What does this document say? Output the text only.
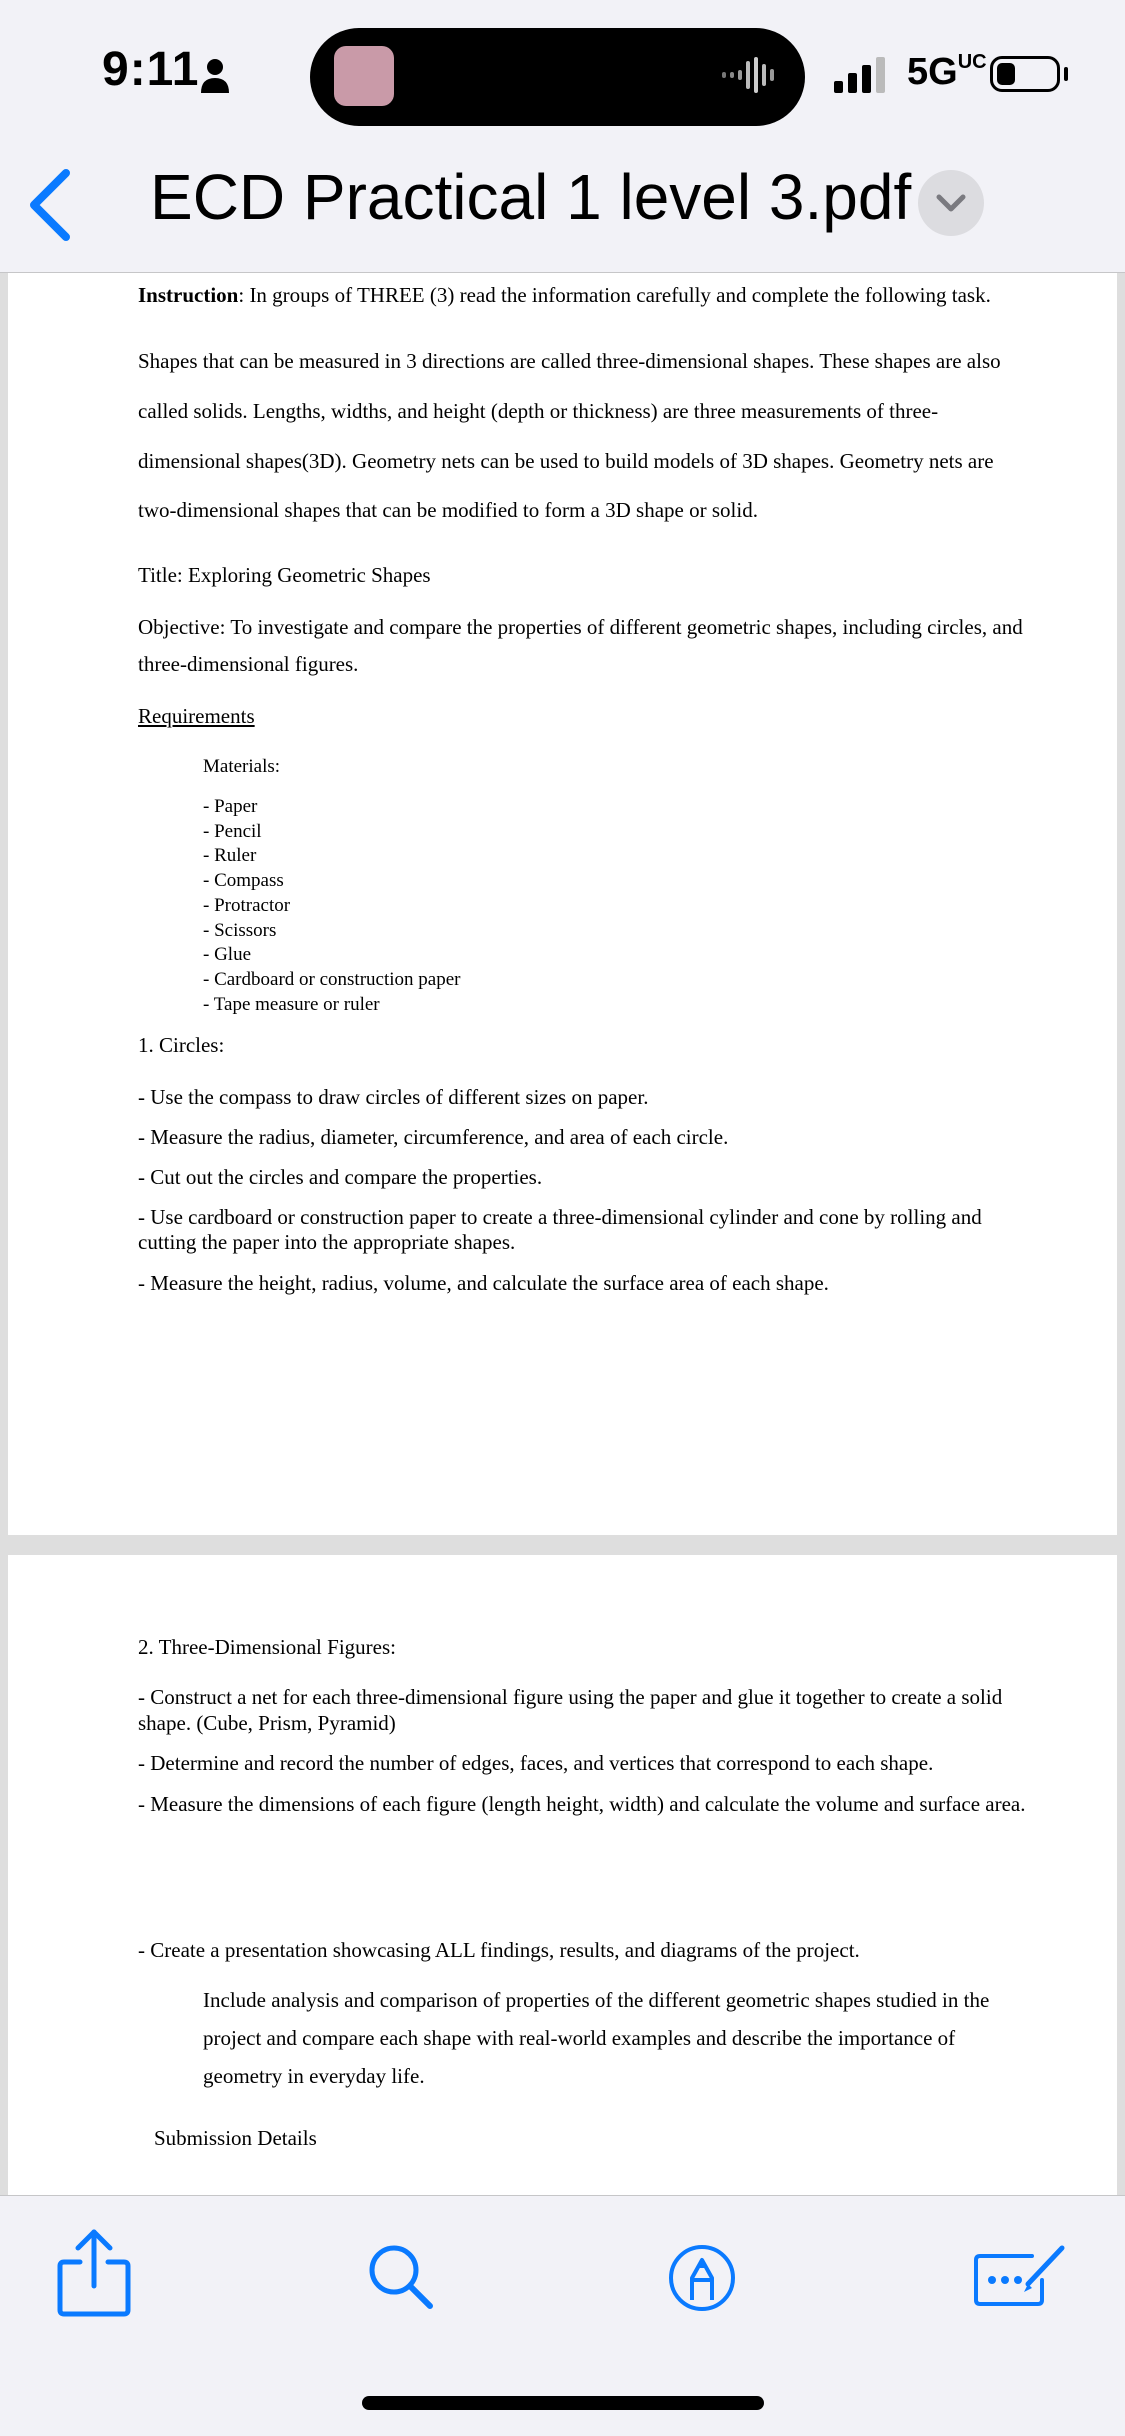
9:11	$5G^{UC}$
ECD Practical 1 level 3.pdf
Instruction: In groups of THREE (3) read the information carefully and complete the following task.
Shapes that can be measured in 3 directions are called three-dimensional shapes. These shapes are also
called solids. Lengths, widths, and height (depth or thickness) are three measurements of three-
dimensional shapes(3D). Geometry nets can be used to build models of 3D shapes. Geometry nets are
two-dimensional shapes that can be modified to form a 3D shape or solid.
Title: Exploring Geometric Shapes
Objective: To investigate and compare the properties of different geometric shapes, including circles, and
three-dimensional figures.
Requirements
Materials:
- Paper
- Pencil
- Ruler
- Compass
- Protractor
- Scissors
- Glue
- Cardboard or construction paper
- Tape measure or ruler
1. Circles:
- Use the compass to draw circles of different sizes on paper.
- Measure the radius, diameter, circumference, and area of each circle.
- Cut out the circles and compare the properties.
- Use cardboard or construction paper to create a three-dimensional cylinder and cone by rolling and
cutting the paper into the appropriate shapes.
- Measure the height, radius, volume, and calculate the surface area of each shape.
2. Three-Dimensional Figures:
- Construct a net for each three-dimensional figure using the paper and glue it together to create a solid
shape. (Cube, Prism, Pyramid)
- Determine and record the number of edges, faces, and vertices that correspond to each shape.
- Measure the dimensions of each figure (length height, width) and calculate the volume and surface area.
- Create a presentation showcasing ALL findings, results, and diagrams of the project.
Include analysis and comparison of properties of the different geometric shapes studied in the
project and compare each shape with real-world examples and describe the importance of
geometry in everyday life.
Submission Details
